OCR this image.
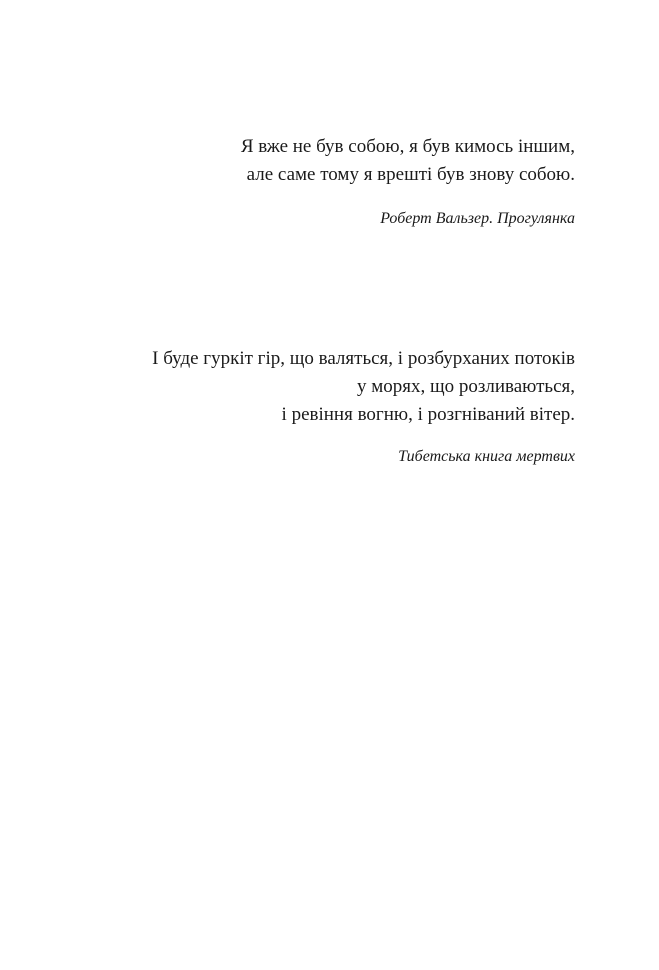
Я вже не був собою, я був кимось іншим,
але саме тому я врешті був знову собою.
Роберт Вальзер. Прогулянка
І буде гуркіт гір, що валяться, і розбурханих потоків
у морях, що розливаються,
і ревіння вогню, і розгніваний вітер.
Тибетська книга мертвих
